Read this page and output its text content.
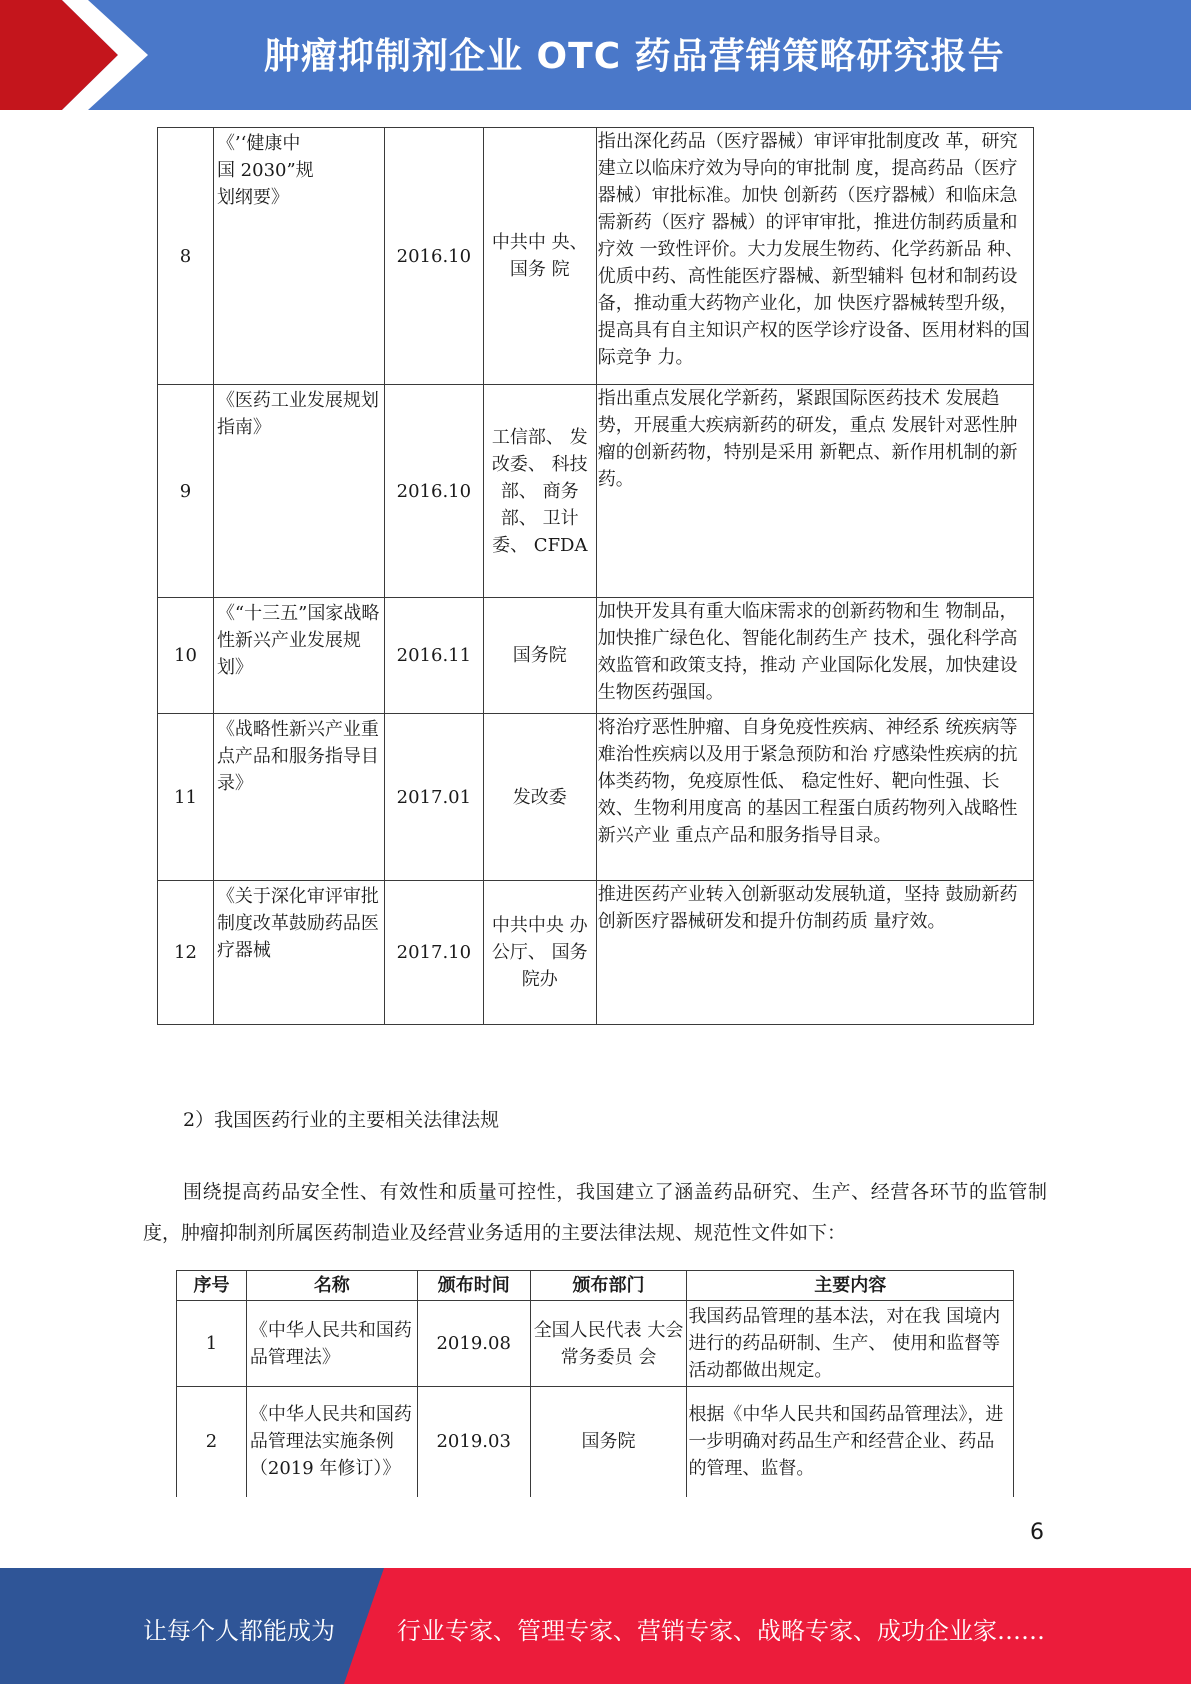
肿瘤抑制剂企业 OTC 药品营销策略研究报告
8	《’‘健康中国 2030”规划纲要》	2016.10	中共中 央、国务 院	指出深化药品（医疗器械）审评审批制度改 革，研究建立以临床疗效为导向的审批制 度，提高药品（医疗器械）审批标准。加快 创新药（医疗器械）和临床急需新药（医疗 器械）的评审审批，推进仿制药质量和疗效 一致性评价。大力发展生物药、化学药新品 种、优质中药、高性能医疗器械、新型辅料 包材和制药设备，推动重大药物产业化，加 快医疗器械转型升级，提高具有自主知识产权的医学诊疗设备、医用材料的国际竞争 力。
9	《医药工业发展规划指南》	2016.10	工信部、 发改委、 科技部、 商务部、 卫计委、 CFDA	指出重点发展化学新药，紧跟国际医药技术 发展趋势，开展重大疾病新药的研发，重点 发展针对恶性肿瘤的创新药物，特别是采用 新靶点、新作用机制的新药。
10	《“十三五”国家战略性新兴产业发展规划》	2016.11	国务院	加快开发具有重大临床需求的创新药物和生 物制品，加快推广绿色化、智能化制药生产 技术，强化科学高效监管和政策支持，推动 产业国际化发展，加快建设生物医药强国。
11	《战略性新兴产业重点产品和服务指导目录》	2017.01	发改委	将治疗恶性肿瘤、自身免疫性疾病、神经系 统疾病等难治性疾病以及用于紧急预防和治 疗感染性疾病的抗体类药物，免疫原性低、 稳定性好、靶向性强、长效、生物利用度高 的基因工程蛋白质药物列入战略性新兴产业 重点产品和服务指导目录。
12	《关于深化审评审批制度改革鼓励药品医疗器械	2017.10	中共中央 办公厅、 国务院办	推进医药产业转入创新驱动发展轨道，坚持 鼓励新药创新医疗器械研发和提升仿制药质 量疗效。
2）我国医药行业的主要相关法律法规
围绕提高药品安全性、有效性和质量可控性，我国建立了涵盖药品研究、生产、经营各环节的监管制度，肿瘤抑制剂所属医药制造业及经营业务适用的主要法律法规、规范性文件如下：
序号	名称	颁布时间	颁布部门	主要内容
1	《中华人民共和国药品管理法》	2019.08	全国人民代表 大会常务委员 会	我国药品管理的基本法，对在我 国境内进行的药品研制、生产、 使用和监督等活动都做出规定。
2	《中华人民共和国药品管理法实施条例（2019 年修订）》	2019.03	国务院	根据《中华人民共和国药品管理法》，进一步明确对药品生产和经营企业、药品的管理、监督。
6
让每个人都能成为	行业专家、管理专家、营销专家、战略专家、成功企业家……
